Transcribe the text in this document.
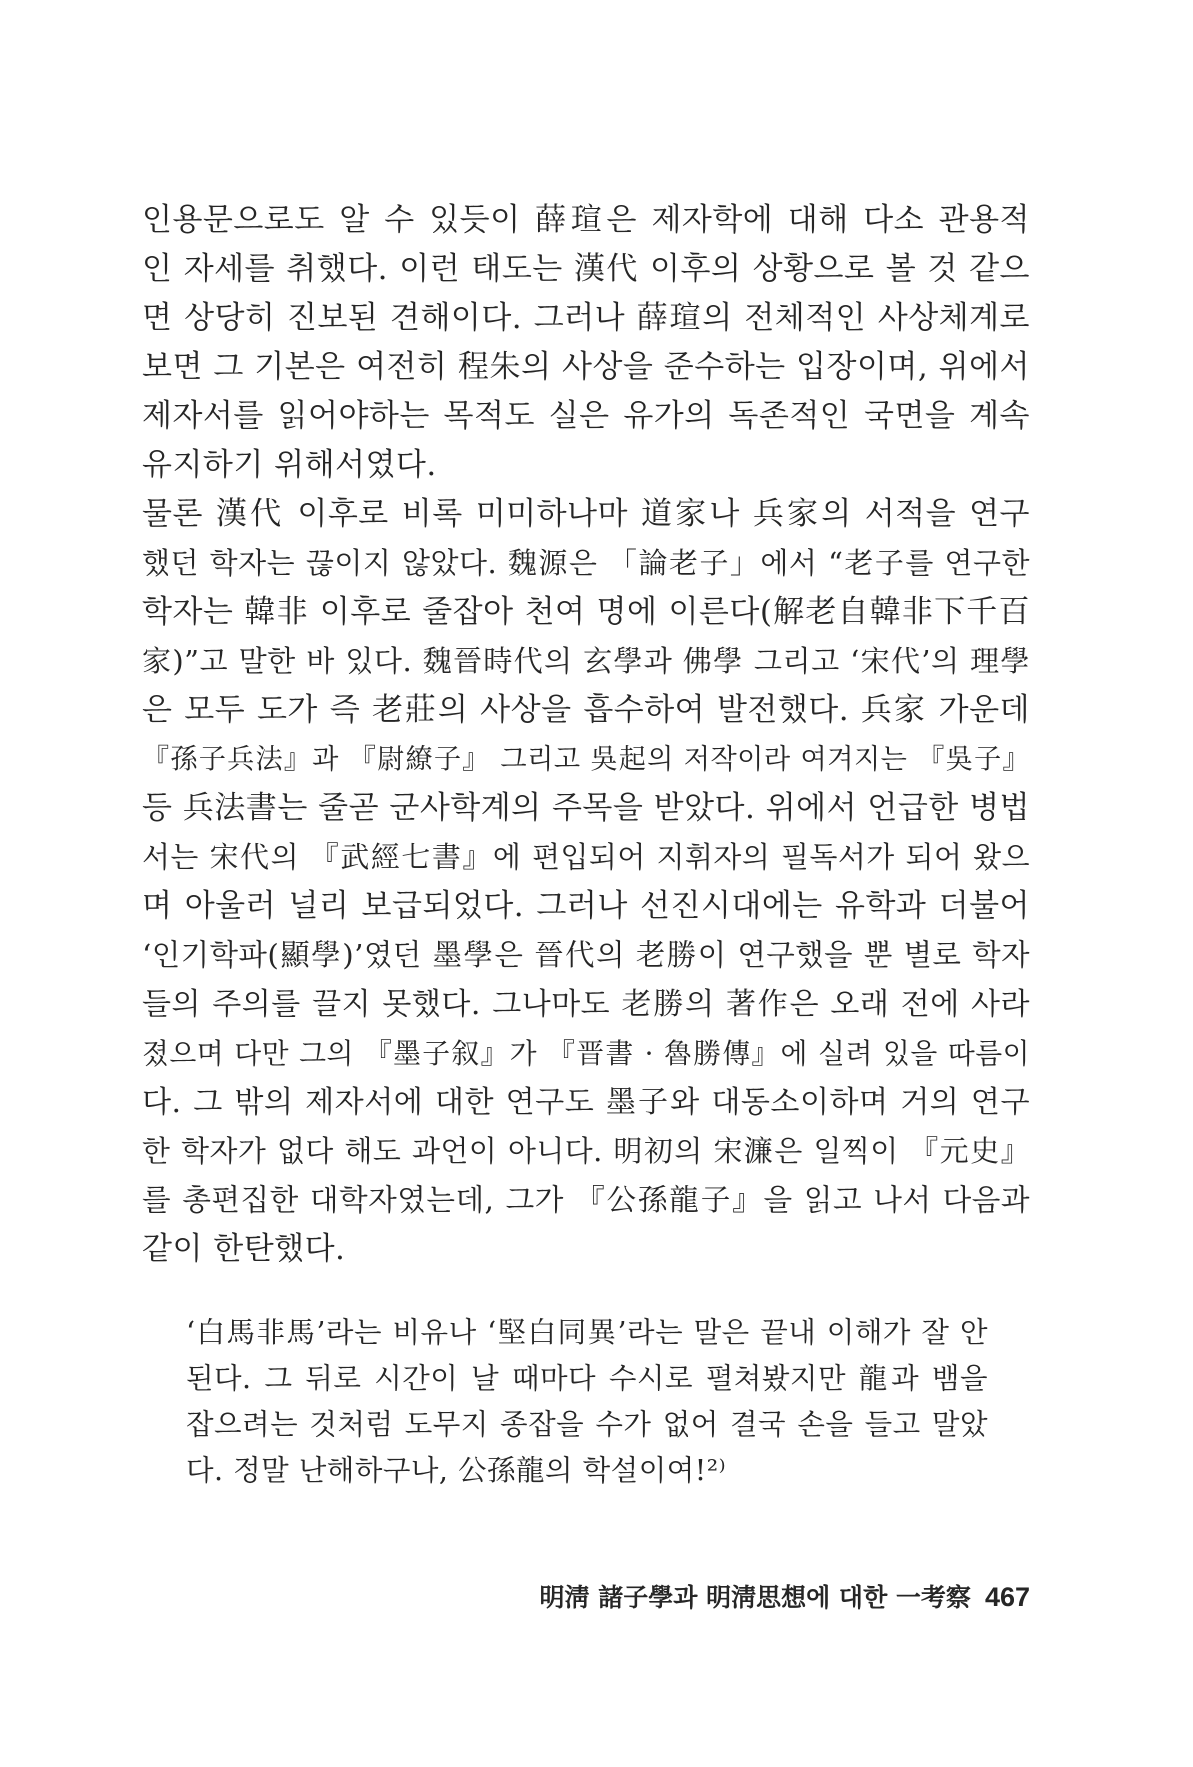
인용문으로도 알 수 있듯이 薛瑄은 제자학에 대해 다소 관용적
인 자세를 취했다. 이런 태도는 漢代 이후의 상황으로 볼 것 같으
면 상당히 진보된 견해이다. 그러나 薛瑄의 전체적인 사상체계로
보면 그 기본은 여전히 程朱의 사상을 준수하는 입장이며, 위에서
제자서를 읽어야하는 목적도 실은 유가의 독존적인 국면을 계속
유지하기 위해서였다.
물론 漢代 이후로 비록 미미하나마 道家나 兵家의 서적을 연구
했던 학자는 끊이지 않았다. 魏源은 「論老子」에서 “老子를 연구한
학자는 韓非 이후로 줄잡아 천여 명에 이른다(解老自韓非下千百
家)”고 말한 바 있다. 魏晉時代의 玄學과 佛學 그리고 ‘宋代’의 理學
은 모두 도가 즉 老莊의 사상을 흡수하여 발전했다. 兵家 가운데
『孫子兵法』과 『尉繚子』 그리고 吳起의 저작이라 여겨지는 『吳子』
등 兵法書는 줄곧 군사학계의 주목을 받았다. 위에서 언급한 병법
서는 宋代의 『武經七書』에 편입되어 지휘자의 필독서가 되어 왔으
며 아울러 널리 보급되었다. 그러나 선진시대에는 유학과 더불어
‘인기학파(顯學)’였던 墨學은 晉代의 老勝이 연구했을 뿐 별로 학자
들의 주의를 끌지 못했다. 그나마도 老勝의 著作은 오래 전에 사라
졌으며 다만 그의 『墨子叙』가 『晋書 · 魯勝傳』에 실려 있을 따름이
다. 그 밖의 제자서에 대한 연구도 墨子와 대동소이하며 거의 연구
한 학자가 없다 해도 과언이 아니다. 明初의 宋濂은 일찍이 『元史』
를 총편집한 대학자였는데, 그가 『公孫龍子』을 읽고 나서 다음과
같이 한탄했다.
‘白馬非馬’라는 비유나 ‘堅白同異’라는 말은 끝내 이해가 잘 안
된다. 그 뒤로 시간이 날 때마다 수시로 펼쳐봤지만 龍과 뱀을
잡으려는 것처럼 도무지 종잡을 수가 없어 결국 손을 들고 말았
다. 정말 난해하구나, 公孫龍의 학설이여!²⁾
明淸 諸子學과 明淸思想에 대한 一考察 467
